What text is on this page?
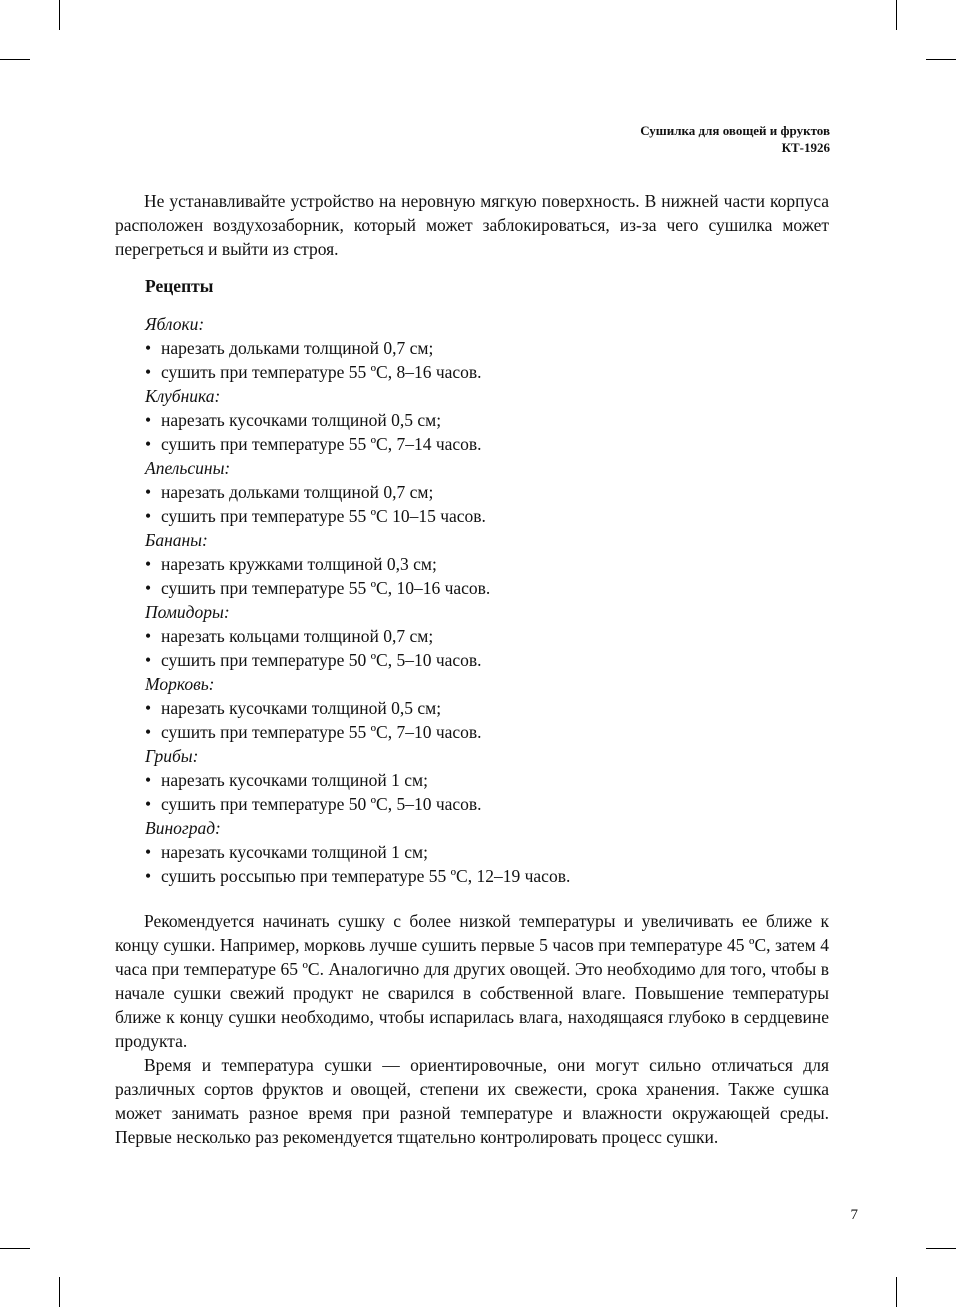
Сушилка для овощей и фруктов
КТ-1926

Не устанавливайте устройство на неровную мягкую поверхность. В нижней части корпуса расположен воздухозаборник, который может заблокироваться, из-за чего сушилка может перегреться и выйти из строя.

Рецепты

Яблоки:

• нарезать дольками толщиной 0,7 см;

• сушить при температуре 55 ºC, 8–16 часов.

Клубника:

• нарезать кусочками толщиной 0,5 см;

• сушить при температуре 55 ºC, 7–14 часов.

Апельсины:

• нарезать дольками толщиной 0,7 см;

• сушить при температуре 55 ºC 10–15 часов.

Бананы:

• нарезать кружками толщиной 0,3 см;

• сушить при температуре 55 ºC, 10–16 часов.

Помидоры:

• нарезать кольцами толщиной 0,7 см;

• сушить при температуре 50 ºC, 5–10 часов.

Морковь:

• нарезать кусочками толщиной 0,5 см;

• сушить при температуре 55 ºC, 7–10 часов.

Грибы:

• нарезать кусочками толщиной 1 см;

• сушить при температуре 50 ºC, 5–10 часов.

Виноград:

• нарезать кусочками толщиной 1 см;

• сушить россыпью при температуре 55 ºC, 12–19 часов.

Рекомендуется начинать сушку с более низкой температуры и увеличивать ее ближе к концу сушки. Например, морковь лучше сушить первые 5 часов при температуре 45 ºC, затем 4 часа при температуре 65 ºC. Аналогично для других овощей. Это необходимо для того, чтобы в начале сушки свежий продукт не сварился в собственной влаге. Повышение температуры ближе к концу сушки необходимо, чтобы испарилась влага, находящаяся глубоко в сердцевине продукта.

Время и температура сушки — ориентировочные, они могут сильно отличаться для различных сортов фруктов и овощей, степени их свежести, срока хранения. Также сушка может занимать разное время при разной температуре и влажности окружающей среды. Первые несколько раз рекомендуется тщательно контролировать процесс сушки.

7
